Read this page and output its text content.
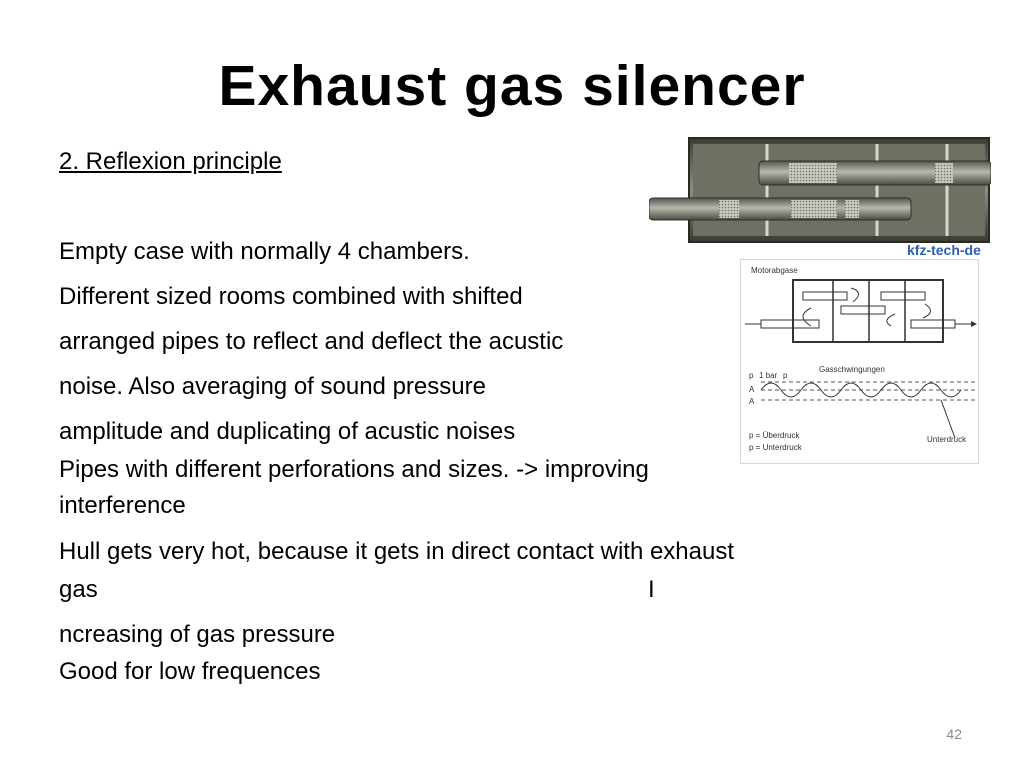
Exhaust gas silencer
2. Reflexion principle
Empty case with normally 4 chambers.
Different sized rooms combined with shifted
arranged pipes to reflect and deflect the acustic
noise. Also averaging of sound pressure
amplitude and duplicating of acustic noises
Pipes with different perforations and sizes. -> improving
interference
Hull gets very hot, because it gets in direct contact with exhaust
gas	I
ncreasing of gas pressure
Good for low frequences
kfz-tech-de
Motorabgase
p 1 bar p
Gasschwingungen
A
A
p = Überdruck
p = Unterdruck
Unterdruck
42
